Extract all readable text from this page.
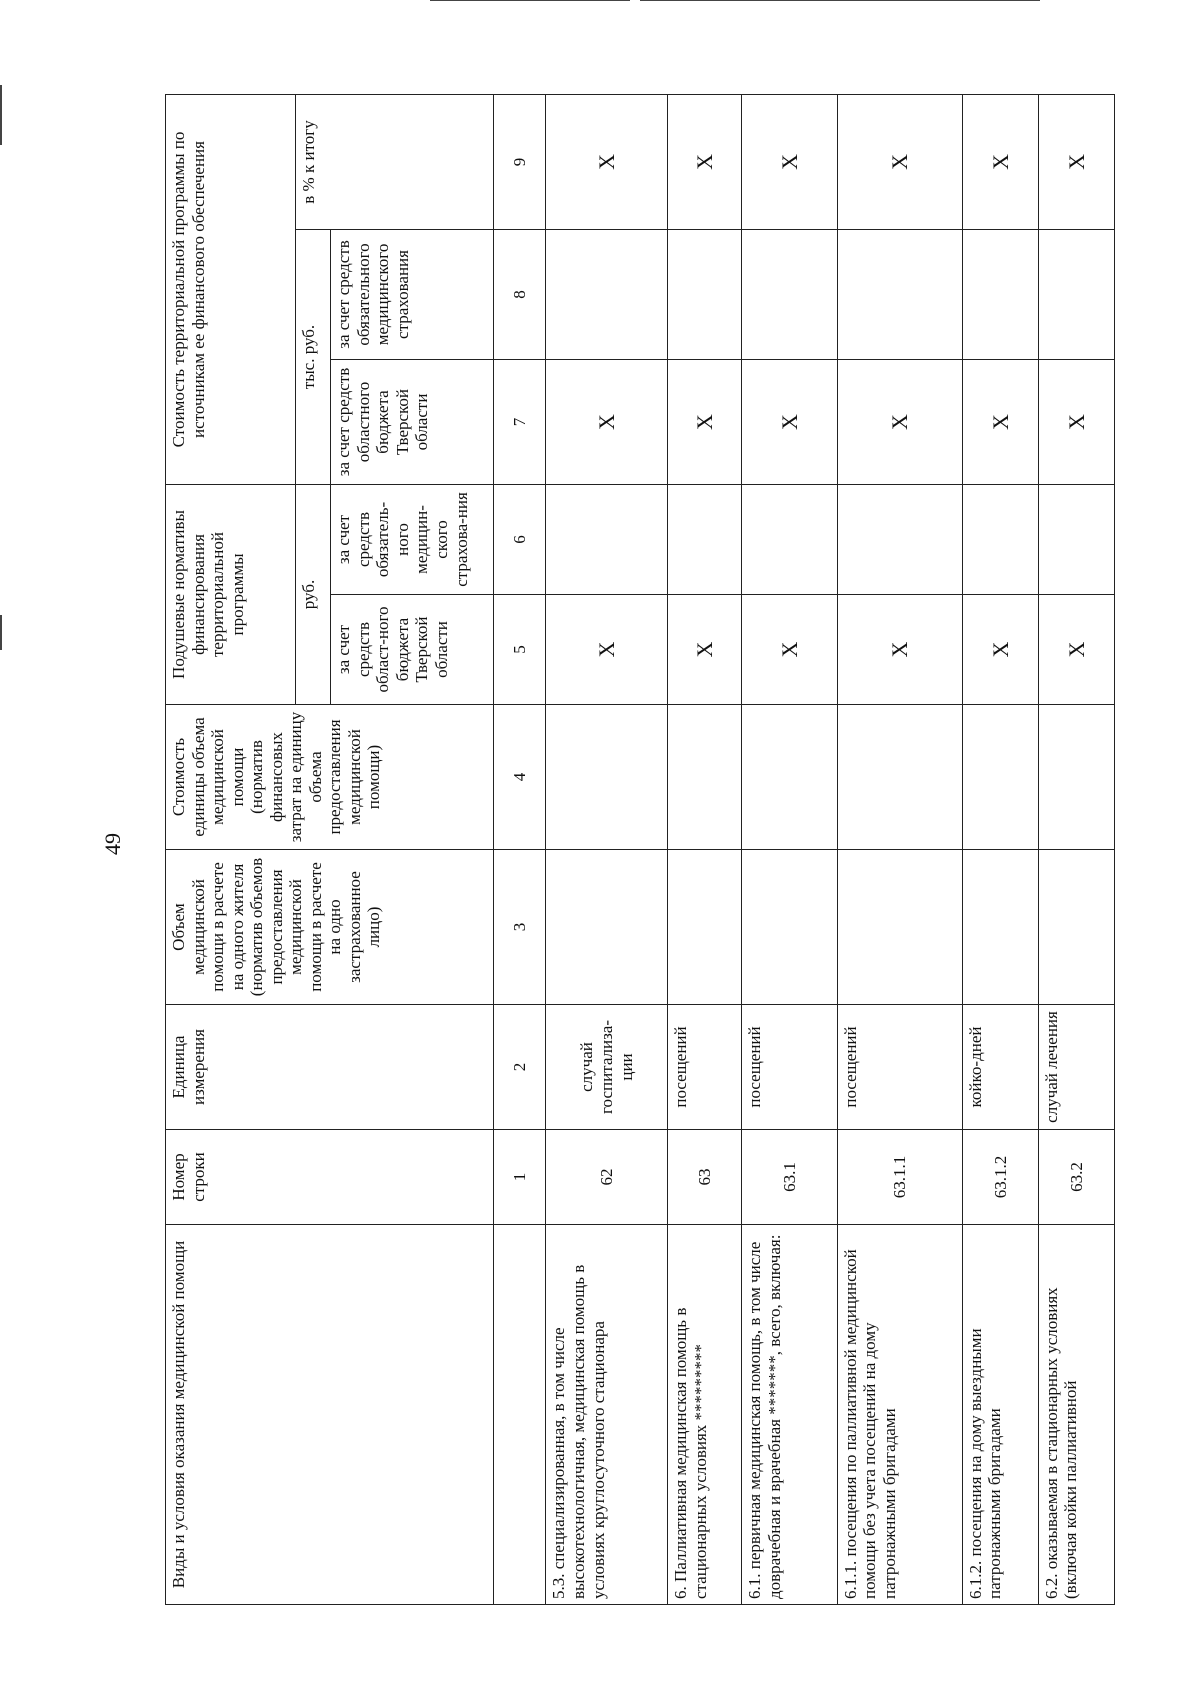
49
Виды и условия оказания медицинской помощи	Номер строки	Единица измерения	Объем медицинской помощи в расчете на одного жителя (норматив объемов предоставления медицинской помощи в расчете на одно застрахованное лицо)	Стоимость единицы объема медицинской помощи (норматив финансовых затрат на единицу объема предоставления медицинской помощи)	Подушевые нормативы финансирования территориальной программы		Стоимость территориальной программы по источникам ее финансового обеспечения		
					руб.		тыс. руб.		в % к итогу
					за счет средств област-ного бюджета Тверской области	за счет средств обязатель-ного медицин-ского страхова-ния	за счет средств областного бюджета Тверской области	за счет средств обязательного медицинского страхования	
	1	2	3	4	5	6	7	8	9
5.3. специализированная, в том числе высокотехнологичная, медицинская помощь в условиях круглосуточного стационара	62	случай госпитализа-ции			X		X		X
6. Паллиативная медицинская помощь в стационарных условиях *********	63	посещений			X		X		X
6.1. первичная медицинская помощь, в том числе доврачебная и врачебная *******, всего, включая:	63.1	посещений			X		X		X
6.1.1. посещения по паллиативной медицинской помощи без учета посещений на дому патронажными бригадами	63.1.1	посещений			X		X		X
6.1.2. посещения на дому выездными патронажными бригадами	63.1.2	койко-дней			X		X		X
6.2. оказываемая в стационарных условиях (включая койки паллиативной	63.2	случай лечения			X		X		X
